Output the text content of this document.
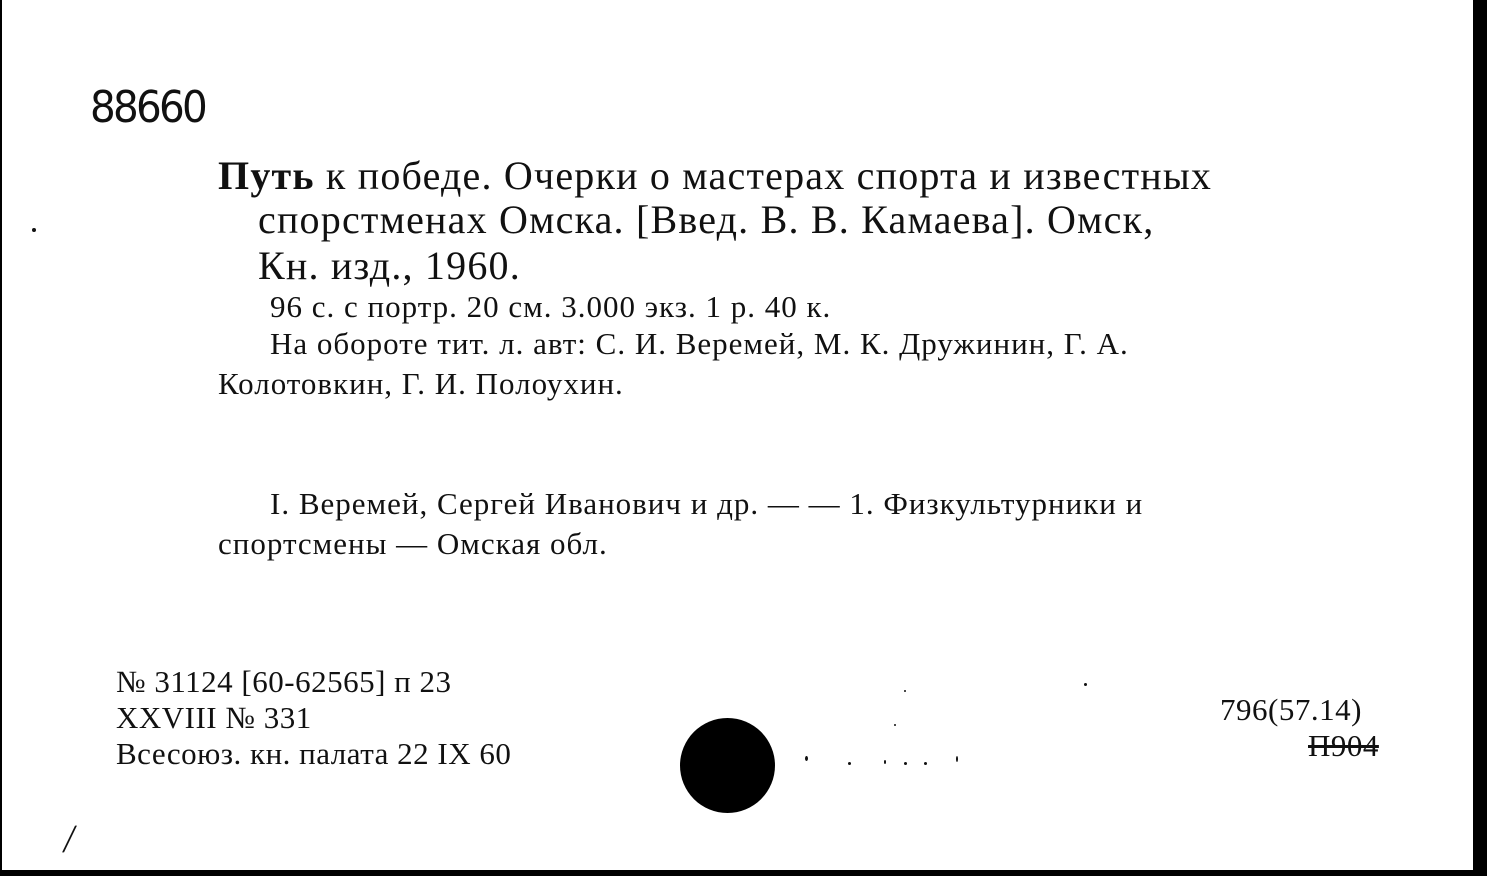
88660
Путь к победе. Очерки о мастерах спорта и известных
спорстменах Омска. [Введ. В. В. Камаева]. Омск,
Кн. изд., 1960.
96 с. с портр. 20 см. 3.000 экз. 1 р. 40 к.
На обороте тит. л. авт: С. И. Веремей, М. К. Дружинин, Г. А.
Колотовкин, Г. И. Полоухин.
I. Веремей, Сергей Иванович и др. — — 1. Физкультурники и
спортсмены — Омская обл.
№ 31124 [60-62565] п 23
XXVIII № 331
Всесоюз. кн. палата 22 IX 60
796(57.14)
П904
/
